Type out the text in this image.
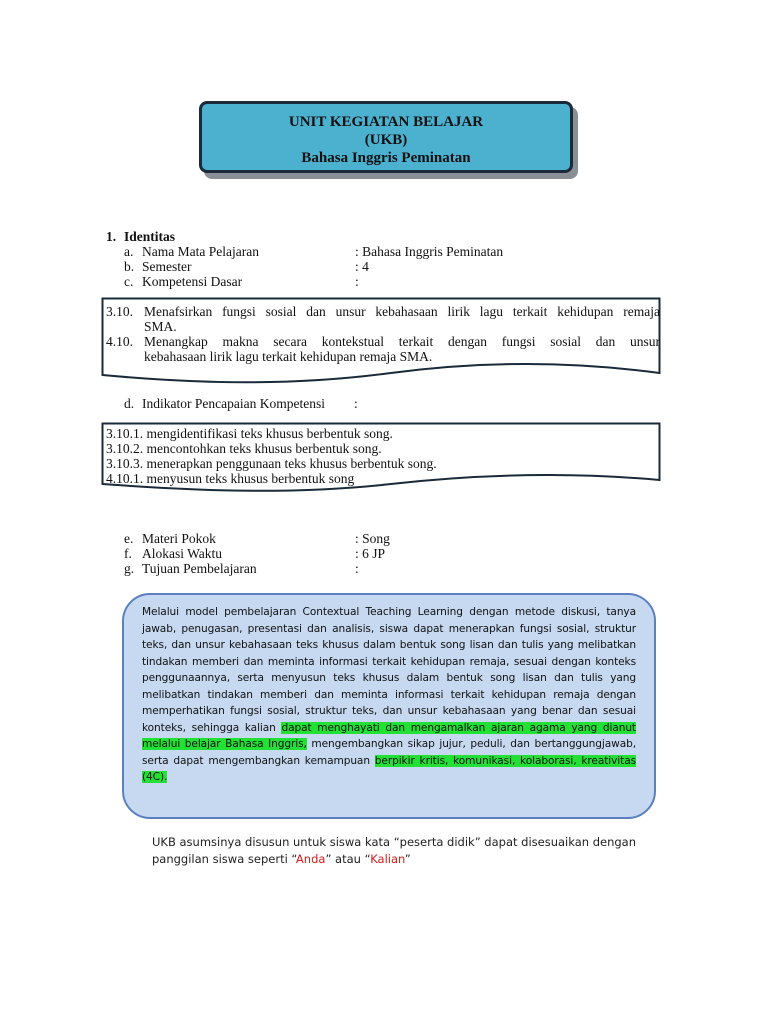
UNIT KEGIATAN BELAJAR
(UKB)
Bahasa Inggris Peminatan
1. Identitas
a. Nama Mata Pelajaran	: Bahasa Inggris Peminatan
b. Semester	: 4
c. Kompetensi Dasar	:
3.10. Menafsirkan fungsi sosial dan unsur kebahasaan lirik lagu terkait kehidupan remaja
SMA.
4.10. Menangkap makna secara kontekstual terkait dengan fungsi sosial dan unsur
kebahasaan lirik lagu terkait kehidupan remaja SMA.
d. Indikator Pencapaian Kompetensi :
3.10.1. mengidentifikasi teks khusus berbentuk song.
3.10.2. mencontohkan teks khusus berbentuk song.
3.10.3. menerapkan penggunaan teks khusus berbentuk song.
4.10.1. menyusun teks khusus berbentuk song
e. Materi Pokok	: Song
f. Alokasi Waktu	: 6 JP
g. Tujuan Pembelajaran	:
Melalui model pembelajaran Contextual Teaching Learning dengan metode diskusi, tanya jawab, penugasan, presentasi dan analisis, siswa dapat menerapkan fungsi sosial, struktur teks, dan unsur kebahasaan teks khusus dalam bentuk song lisan dan tulis yang melibatkan tindakan memberi dan meminta informasi terkait kehidupan remaja, sesuai dengan konteks penggunaannya, serta menyusun teks khusus dalam bentuk song lisan dan tulis yang melibatkan tindakan memberi dan meminta informasi terkait kehidupan remaja dengan memperhatikan fungsi sosial, struktur teks, dan unsur kebahasaan yang benar dan sesuai konteks, sehingga kalian dapat menghayati dan mengamalkan ajaran agama yang dianut melalui belajar Bahasa Inggris, mengembangkan sikap jujur, peduli, dan bertanggungjawab, serta dapat mengembangkan kemampuan berpikir kritis, komunikasi, kolaborasi, kreativitas (4C).
UKB asumsinya disusun untuk siswa kata “peserta didik” dapat disesuaikan dengan panggilan siswa seperti “Anda” atau “Kalian”
